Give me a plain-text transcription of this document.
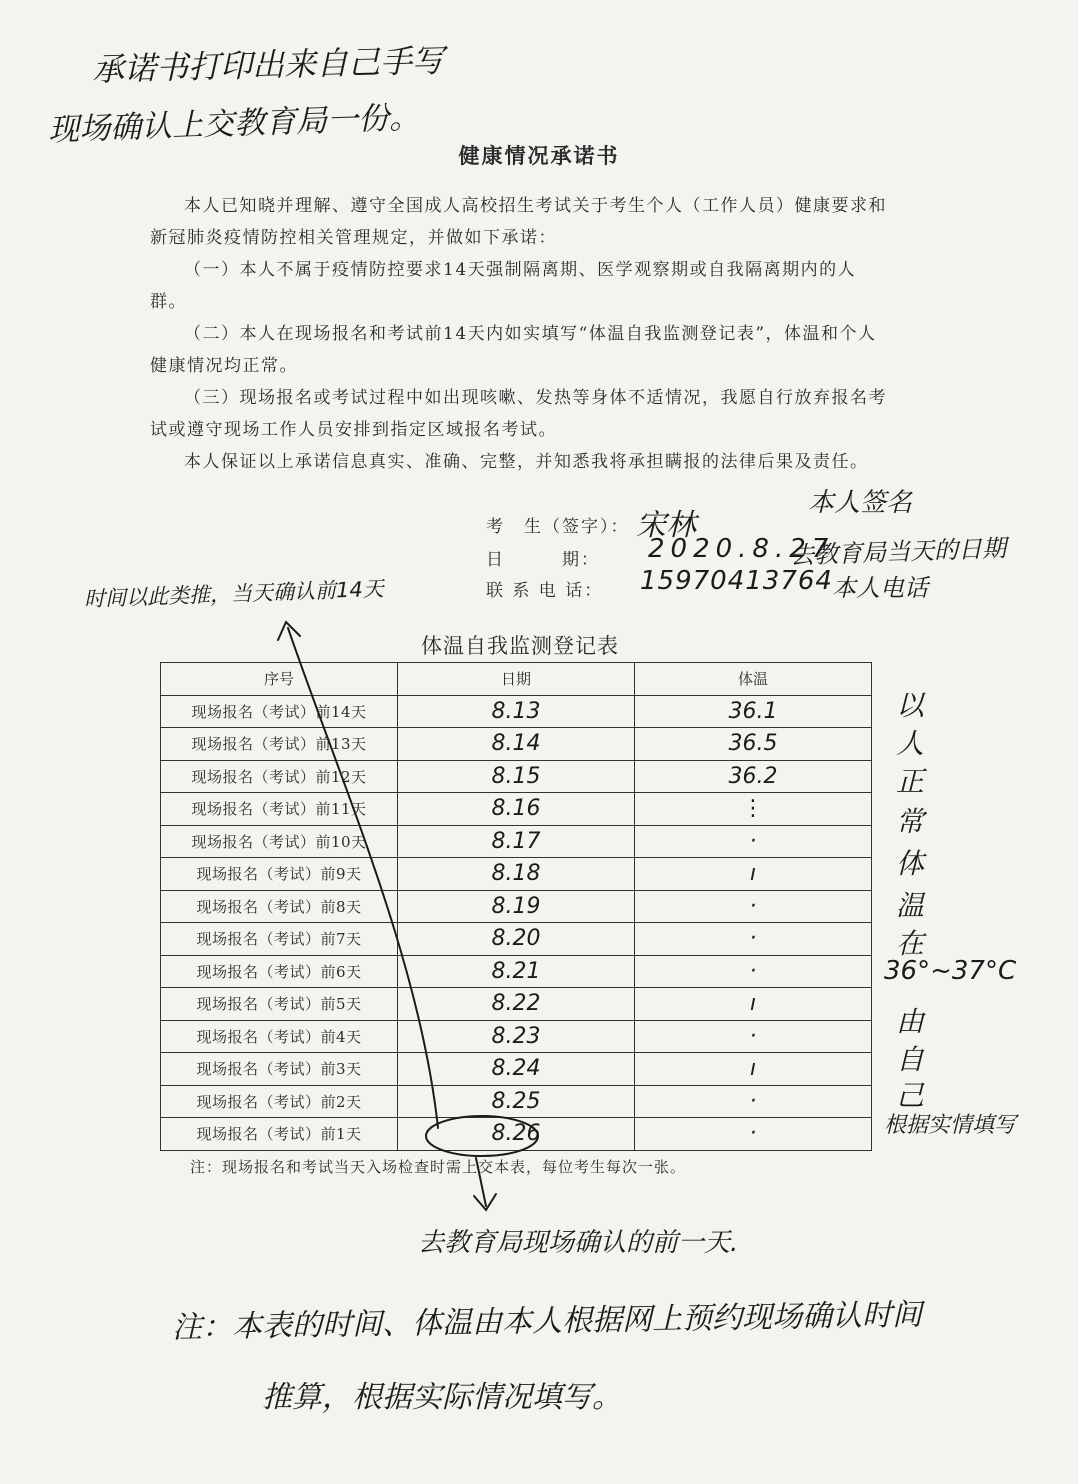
承诺书打印出来自己手写
现场确认上交教育局一份。
健康情况承诺书
本人已知晓并理解、遵守全国成人高校招生考试关于考生个人（工作人员）健康要求和新冠肺炎疫情防控相关管理规定，并做如下承诺：
（一）本人不属于疫情防控要求14天强制隔离期、医学观察期或自我隔离期内的人群。
（二）本人在现场报名和考试前14天内如实填写“体温自我监测登记表”，体温和个人健康情况均正常。
（三）现场报名或考试过程中如出现咳嗽、发热等身体不适情况，我愿自行放弃报名考试或遵守现场工作人员安排到指定区域报名考试。
本人保证以上承诺信息真实、准确、完整，并知悉我将承担瞒报的法律后果及责任。
考　生（签字）： 宋林
日　　　期： 2020.8.27
联 系 电 话： 15970413764
本人签名
去教育局当天的日期
本人电话
时间以此类推，当天确认前14天
体温自我监测登记表
序号	日期	体温
现场报名（考试）前14天	8.13	36.1
现场报名（考试）前13天	8.14	36.5
现场报名（考试）前12天	8.15	36.2
现场报名（考试）前11天	8.16	⋮
现场报名（考试）前10天	8.17	·
现场报名（考试）前9天	8.18	ı
现场报名（考试）前8天	8.19	·
现场报名（考试）前7天	8.20	·
现场报名（考试）前6天	8.21	·
现场报名（考试）前5天	8.22	ı
现场报名（考试）前4天	8.23	·
现场报名（考试）前3天	8.24	ı
现场报名（考试）前2天	8.25	·
现场报名（考试）前1天	8.26	·
注：现场报名和考试当天入场检查时需上交本表，每位考生每次一张。
以
人
正
常
体
温
在
36°~37°C
由
自
己
根据实情填写
去教育局现场确认的前一天.
注：本表的时间、体温由本人根据网上预约现场确认时间
推算，根据实际情况填写。
